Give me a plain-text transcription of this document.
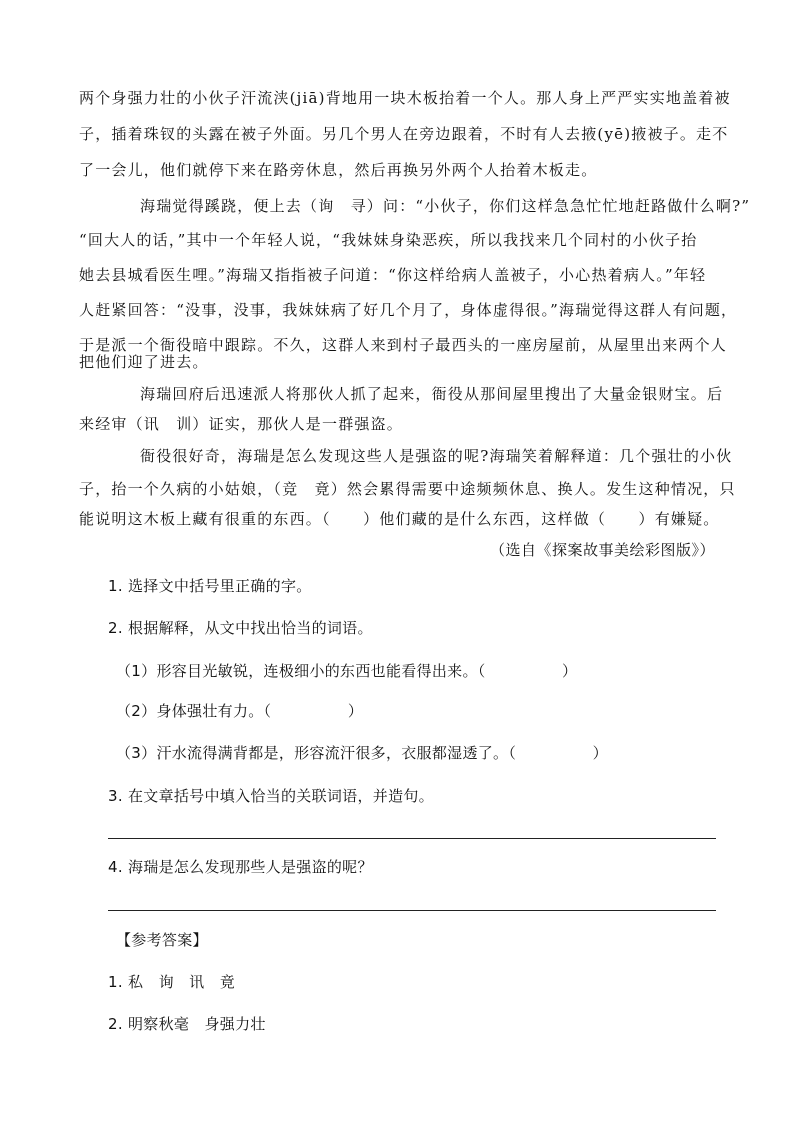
两个身强力壮的小伙子汗流浃(jiā)背地用一块木板抬着一个人。那人身上严严实实地盖着被
子，插着珠钗的头露在被子外面。另几个男人在旁边跟着，不时有人去掖(yē)掖被子。走不
了一会儿，他们就停下来在路旁休息，然后再换另外两个人抬着木板走。
海瑞觉得蹊跷，便上去（询　寻）问：“小伙子，你们这样急急忙忙地赶路做什么啊?”
“回大人的话，”其中一个年轻人说，“我妹妹身染恶疾，所以我找来几个同村的小伙子抬
她去县城看医生哩。”海瑞又指指被子问道：“你这样给病人盖被子，小心热着病人。”年轻
人赶紧回答：“没事，没事，我妹妹病了好几个月了，身体虚得很。”海瑞觉得这群人有问题，
于是派一个衙役暗中跟踪。不久，这群人来到村子最西头的一座房屋前，从屋里出来两个人
把他们迎了进去。
海瑞回府后迅速派人将那伙人抓了起来，衙役从那间屋里搜出了大量金银财宝。后
来经审（讯　训）证实，那伙人是一群强盗。
衙役很好奇，海瑞是怎么发现这些人是强盗的呢?海瑞笑着解释道：几个强壮的小伙
子，抬一个久病的小姑娘，（竞　竟）然会累得需要中途频频休息、换人。发生这种情况，只
能说明这木板上藏有很重的东西。（　　）他们藏的是什么东西，这样做（　　）有嫌疑。
（选自《探案故事美绘彩图版》）
1. 选择文中括号里正确的字。
2. 根据解释，从文中找出恰当的词语。
（1）形容目光敏锐，连极细小的东西也能看得出来。（　　　　　）
（2）身体强壮有力。（　　　　　）
（3）汗水流得满背都是，形容流汗很多，衣服都湿透了。（　　　　　）
3. 在文章括号中填入恰当的关联词语，并造句。
4. 海瑞是怎么发现那些人是强盗的呢？
【参考答案】
1. 私　询　讯　竟
2. 明察秋毫　身强力壮
